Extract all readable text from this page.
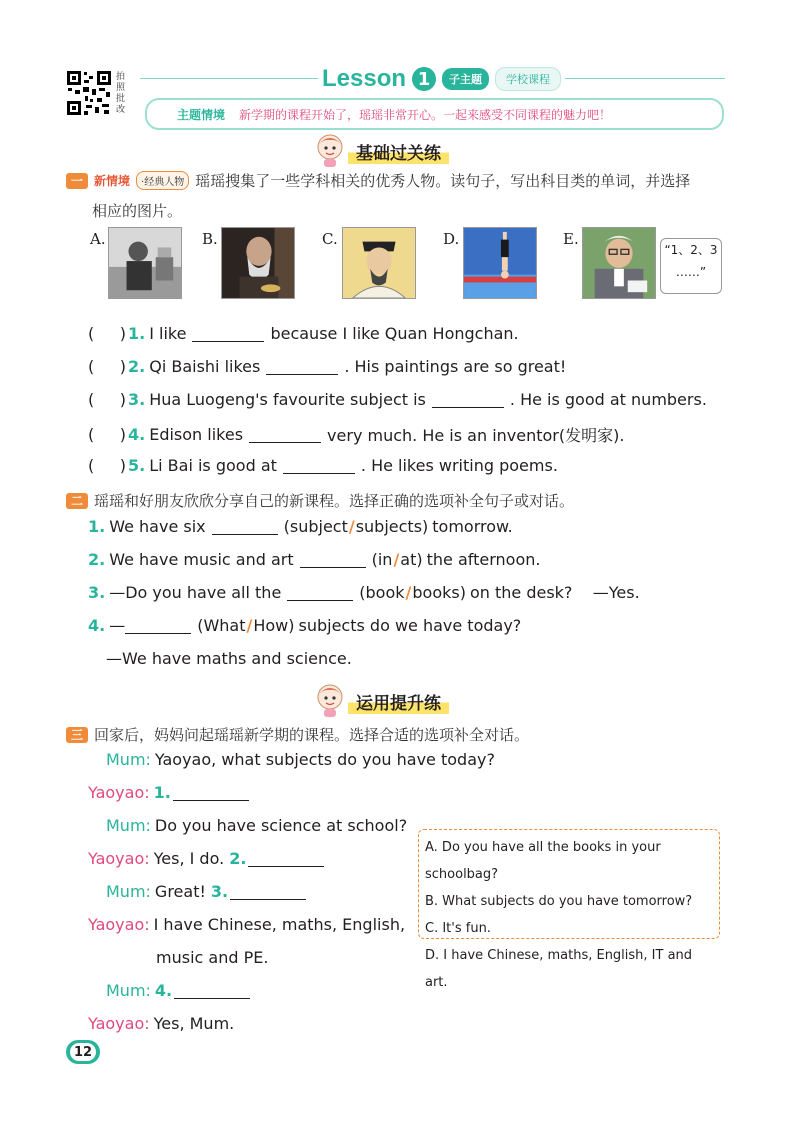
拍照批改
Lesson 1	子主题	学校课程
主题情境 新学期的课程开始了，瑶瑶非常开心。一起来感受不同课程的魅力吧！
基础过关练
一 新情境	·经典人物 瑶瑶搜集了一些学科相关的优秀人物。读句子，写出科目类的单词，并选择
相应的图片。
A.	B.	C.	D.	E.
“1、2、3
……”
( ) 1. I like	because I like Quan Hongchan.
( ) 2. Qi Baishi likes	. His paintings are so great!
( ) 3. Hua Luogeng's favourite subject is	. He is good at numbers.
( ) 4. Edison likes	very much. He is an inventor(发明家).
( ) 5. Li Bai is good at	. He likes writing poems.
二 瑶瑶和好朋友欣欣分享自己的新课程。选择正确的选项补全句子或对话。
1. We have six	(subject / subjects) tomorrow.
2. We have music and art	(in / at) the afternoon.
3. —Do you have all the	(book / books) on the desk?    —Yes.
4. —	(What / How) subjects do we have today?
—We have maths and science.
运用提升练
三 回家后，妈妈问起瑶瑶新学期的课程。选择合适的选项补全对话。
Mum: Yaoyao, what subjects do you have today?
Yaoyao: 1.
Mum: Do you have science at school?
Yaoyao: Yes, I do. 2.
Mum: Great! 3.
Yaoyao: I have Chinese, maths, English,
music and PE.
Mum: 4.
Yaoyao: Yes, Mum.
A. Do you have all the books in your schoolbag?
B. What subjects do you have tomorrow?
C. It's fun.
D. I have Chinese, maths, English, IT and art.
12
